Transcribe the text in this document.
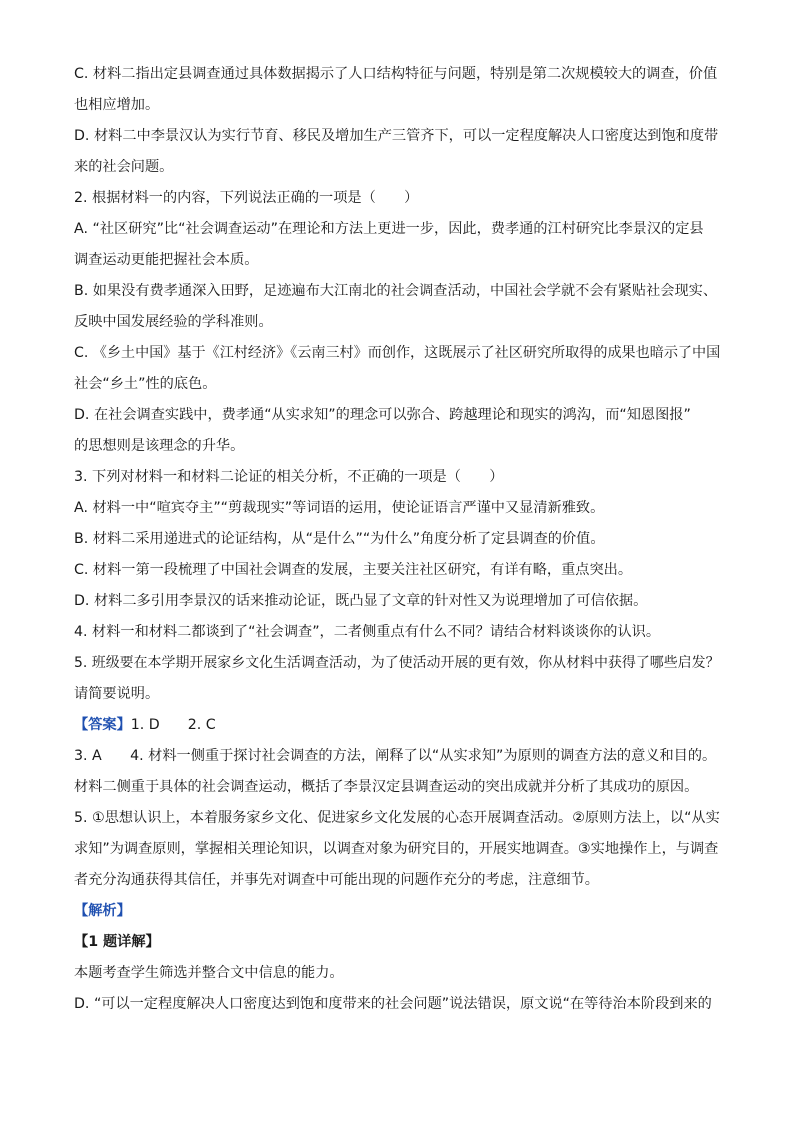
C. 材料二指出定县调查通过具体数据揭示了人口结构特征与问题，特别是第二次规模较大的调查，价值
也相应增加。
D. 材料二中李景汉认为实行节育、移民及增加生产三管齐下，可以一定程度解决人口密度达到饱和度带
来的社会问题。
2. 根据材料一的内容，下列说法正确的一项是（　　）
A. “社区研究”比“社会调查运动”在理论和方法上更进一步，因此，费孝通的江村研究比李景汉的定县
调查运动更能把握社会本质。
B. 如果没有费孝通深入田野，足迹遍布大江南北的社会调查活动，中国社会学就不会有紧贴社会现实、
反映中国发展经验的学科准则。
C. 《乡土中国》基于《江村经济》《云南三村》而创作，这既展示了社区研究所取得的成果也暗示了中国
社会“乡土”性的底色。
D. 在社会调查实践中，费孝通“从实求知”的理念可以弥合、跨越理论和现实的鸿沟，而“知恩图报”
的思想则是该理念的升华。
3. 下列对材料一和材料二论证的相关分析，不正确的一项是（　　）
A. 材料一中“喧宾夺主”“剪裁现实”等词语的运用，使论证语言严谨中又显清新雅致。
B. 材料二采用递进式的论证结构，从“是什么”“为什么”角度分析了定县调查的价值。
C. 材料一第一段梳理了中国社会调查的发展，主要关注社区研究，有详有略，重点突出。
D. 材料二多引用李景汉的话来推动论证，既凸显了文章的针对性又为说理增加了可信依据。
4. 材料一和材料二都谈到了“社会调查”，二者侧重点有什么不同？请结合材料谈谈你的认识。
5. 班级要在本学期开展家乡文化生活调查活动，为了使活动开展的更有效，你从材料中获得了哪些启发？
请简要说明。
【答案】1. D 2. C
3. A　　4. 材料一侧重于探讨社会调查的方法，阐释了以“从实求知”为原则的调查方法的意义和目的。
材料二侧重于具体的社会调查运动，概括了李景汉定县调查运动的突出成就并分析了其成功的原因。
5. ①思想认识上，本着服务家乡文化、促进家乡文化发展的心态开展调查活动。②原则方法上，以“从实
求知”为调查原则，掌握相关理论知识，以调查对象为研究目的，开展实地调查。③实地操作上，与调查
者充分沟通获得其信任，并事先对调查中可能出现的问题作充分的考虑，注意细节。
【解析】
【1 题详解】
本题考查学生筛选并整合文中信息的能力。
D. “可以一定程度解决人口密度达到饱和度带来的社会问题”说法错误，原文说“在等待治本阶段到来的
